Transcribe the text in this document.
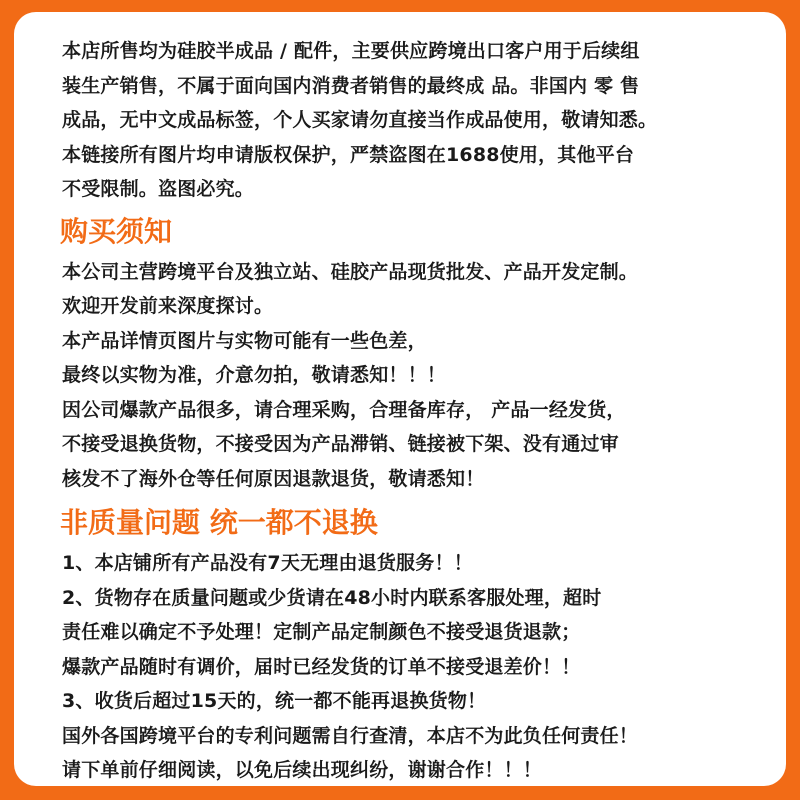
本店所售均为硅胶半成品 / 配件，主要供应跨境出口客户用于后续组
装生产销售，不属于面向国内消费者销售的最终成 品。非国内 零 售
成品，无中文成品标签，个人买家请勿直接当作成品使用，敬请知悉。
本链接所有图片均申请版权保护，严禁盗图在1688使用，其他平台
不受限制。盗图必究。
购买须知
本公司主营跨境平台及独立站、硅胶产品现货批发、产品开发定制。
欢迎开发前来深度探讨。
本产品详情页图片与实物可能有一些色差，
最终以实物为准，介意勿拍，敬请悉知！！！
因公司爆款产品很多，请合理采购，合理备库存， 产品一经发货，
不接受退换货物，不接受因为产品滞销、链接被下架、没有通过审
核发不了海外仓等任何原因退款退货，敬请悉知！
非质量问题 统一都不退换
1、本店铺所有产品没有7天无理由退货服务！！
2、货物存在质量问题或少货请在48小时内联系客服处理，超时
责任难以确定不予处理！定制产品定制颜色不接受退货退款；
爆款产品随时有调价，届时已经发货的订单不接受退差价！！
3、收货后超过15天的，统一都不能再退换货物！
国外各国跨境平台的专利问题需自行查清，本店不为此负任何责任！
请下单前仔细阅读，以免后续出现纠纷，谢谢合作！！！
